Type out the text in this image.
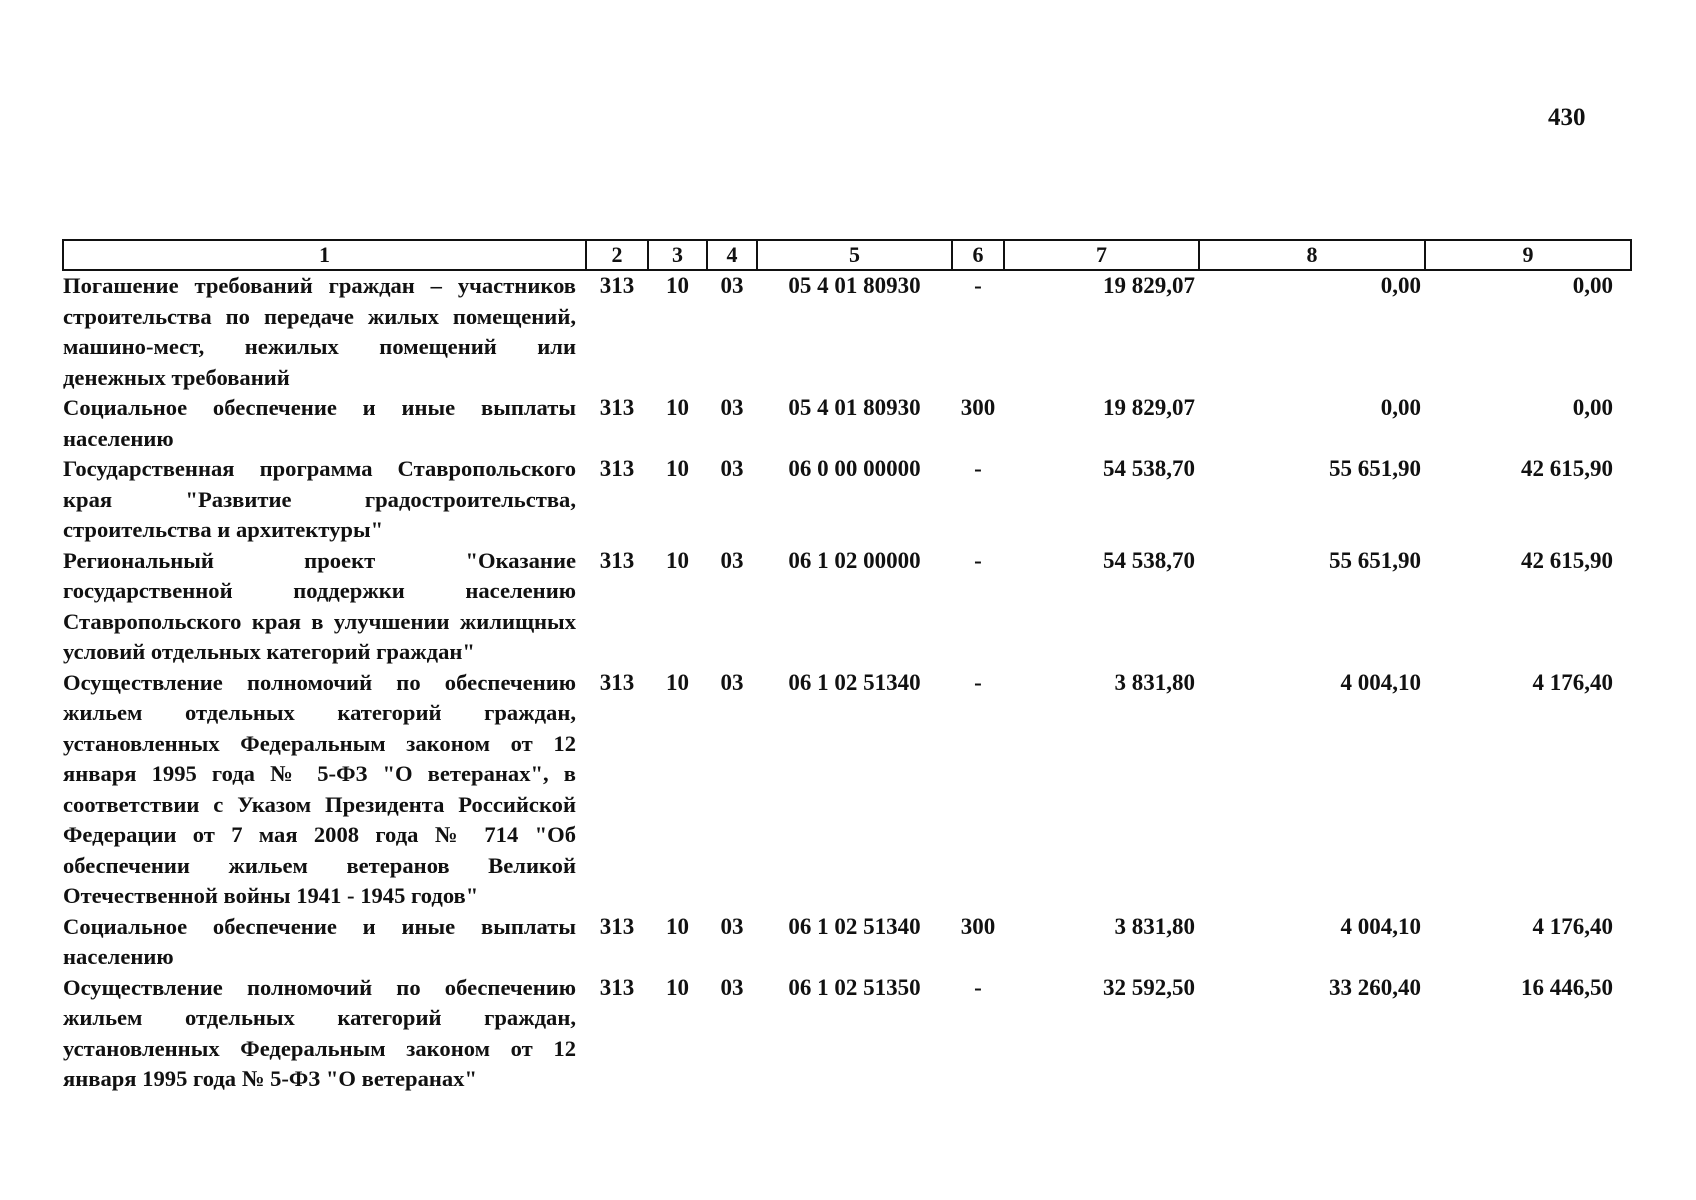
430
1	2	3	4	5	6	7	8	9
Погашение требований граждан – участников строительства по передаче жилых помещений, машино-мест, нежилых помещений или денежных требований	313	10	03	05 4 01 80930	-	19 829,07	0,00	0,00
Социальное обеспечение и иные выплаты населению	313	10	03	05 4 01 80930	300	19 829,07	0,00	0,00
Государственная программа Ставропольского края "Развитие градостроительства, строительства и архитектуры"	313	10	03	06 0 00 00000	-	54 538,70	55 651,90	42 615,90
Региональный проект "Оказание государственной поддержки населению Ставропольского края в улучшении жилищных условий отдельных категорий граждан"	313	10	03	06 1 02 00000	-	54 538,70	55 651,90	42 615,90
Осуществление полномочий по обеспечению жильем отдельных категорий граждан, установленных Федеральным законом от 12 января 1995 года № 5-ФЗ "О ветеранах", в соответствии с Указом Президента Российской Федерации от 7 мая 2008 года № 714 "Об обеспечении жильем ветеранов Великой Отечественной войны 1941 - 1945 годов"	313	10	03	06 1 02 51340	-	3 831,80	4 004,10	4 176,40
Социальное обеспечение и иные выплаты населению	313	10	03	06 1 02 51340	300	3 831,80	4 004,10	4 176,40
Осуществление полномочий по обеспечению жильем отдельных категорий граждан, установленных Федеральным законом от 12 января 1995 года № 5-ФЗ "О ветеранах"	313	10	03	06 1 02 51350	-	32 592,50	33 260,40	16 446,50
